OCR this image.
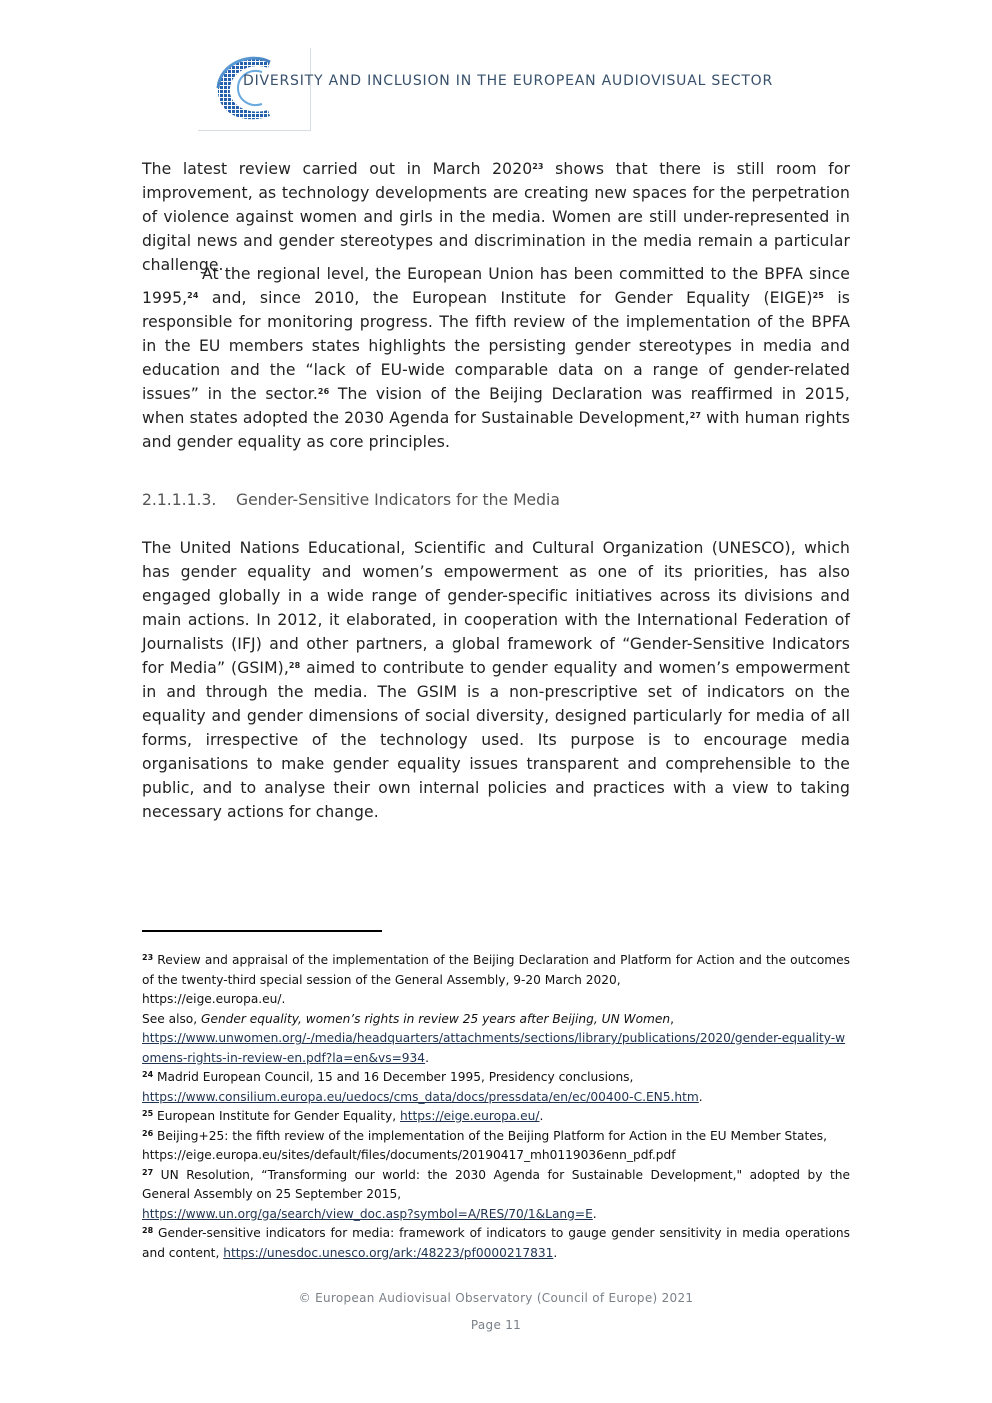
DIVERSITY AND INCLUSION IN THE EUROPEAN AUDIOVISUAL SECTOR

The latest review carried out in March 2020$^{23}$ shows that there is still room for improvement, as technology developments are creating new spaces for the perpetration of violence against women and girls in the media. Women are still under-represented in digital news and gender stereotypes and discrimination in the media remain a particular challenge.

At the regional level, the European Union has been committed to the BPFA since 1995,24 and, since 2010, the European Institute for Gender Equality (EIGE)$^{25}$ is responsible for monitoring progress. The fifth review of the implementation of the BPFA in the EU members states highlights the persisting gender stereotypes in media and education and the “lack of EU-wide comparable data on a range of gender-related issues” in the sector.$^{26}$ The vision of the Beijing Declaration was reaffirmed in 2015, when states adopted the 2030 Agenda for Sustainable Development,$^{27}$ with human rights and gender equality as core principles.

2.1.1.1.3. Gender-Sensitive Indicators for the Media

The United Nations Educational, Scientific and Cultural Organization (UNESCO), which has gender equality and women’s empowerment as one of its priorities, has also engaged globally in a wide range of gender-specific initiatives across its divisions and main actions. In 2012, it elaborated, in cooperation with the International Federation of Journalists (IFJ) and other partners, a global framework of “Gender-Sensitive Indicators for Media” (GSIM),$^{28}$ aimed to contribute to gender equality and women’s empowerment in and through the media. The GSIM is a non-prescriptive set of indicators on the equality and gender dimensions of social diversity, designed particularly for media of all forms, irrespective of the technology used. Its purpose is to encourage media organisations to make gender equality issues transparent and comprehensible to the public, and to analyse their own internal policies and practices with a view to taking necessary actions for change.

$^{23}$ Review and appraisal of the implementation of the Beijing Declaration and Platform for Action and the outcomes of the twenty-third special session of the General Assembly, 9-20 March 2020,

https://eige.europa.eu/.

See also, Gender equality, women’s rights in review 25 years after Beijing, UN Women,

https://www.unwomen.org/-/media/headquarters/attachments/sections/library/publications/2020/gender-equality-womens-rights-in-review-en.pdf?la=en&vs=934.

$^{24}$ Madrid European Council, 15 and 16 December 1995, Presidency conclusions,

https://www.consilium.europa.eu/uedocs/cms_data/docs/pressdata/en/ec/00400-C.EN5.htm.

$^{25}$ European Institute for Gender Equality, https://eige.europa.eu/.

$^{26}$ Beijing+25: the fifth review of the implementation of the Beijing Platform for Action in the EU Member States,

https://eige.europa.eu/sites/default/files/documents/20190417_mh0119036enn_pdf.pdf

$^{27}$ UN Resolution, “Transforming our world: the 2030 Agenda for Sustainable Development," adopted by the General Assembly on 25 September 2015,

https://www.un.org/ga/search/view_doc.asp?symbol=A/RES/70/1&Lang=E.

$^{28}$ Gender-sensitive indicators for media: framework of indicators to gauge gender sensitivity in media operations and content, https://unesdoc.unesco.org/ark:/48223/pf0000217831.

© European Audiovisual Observatory (Council of Europe) 2021
Page 11
